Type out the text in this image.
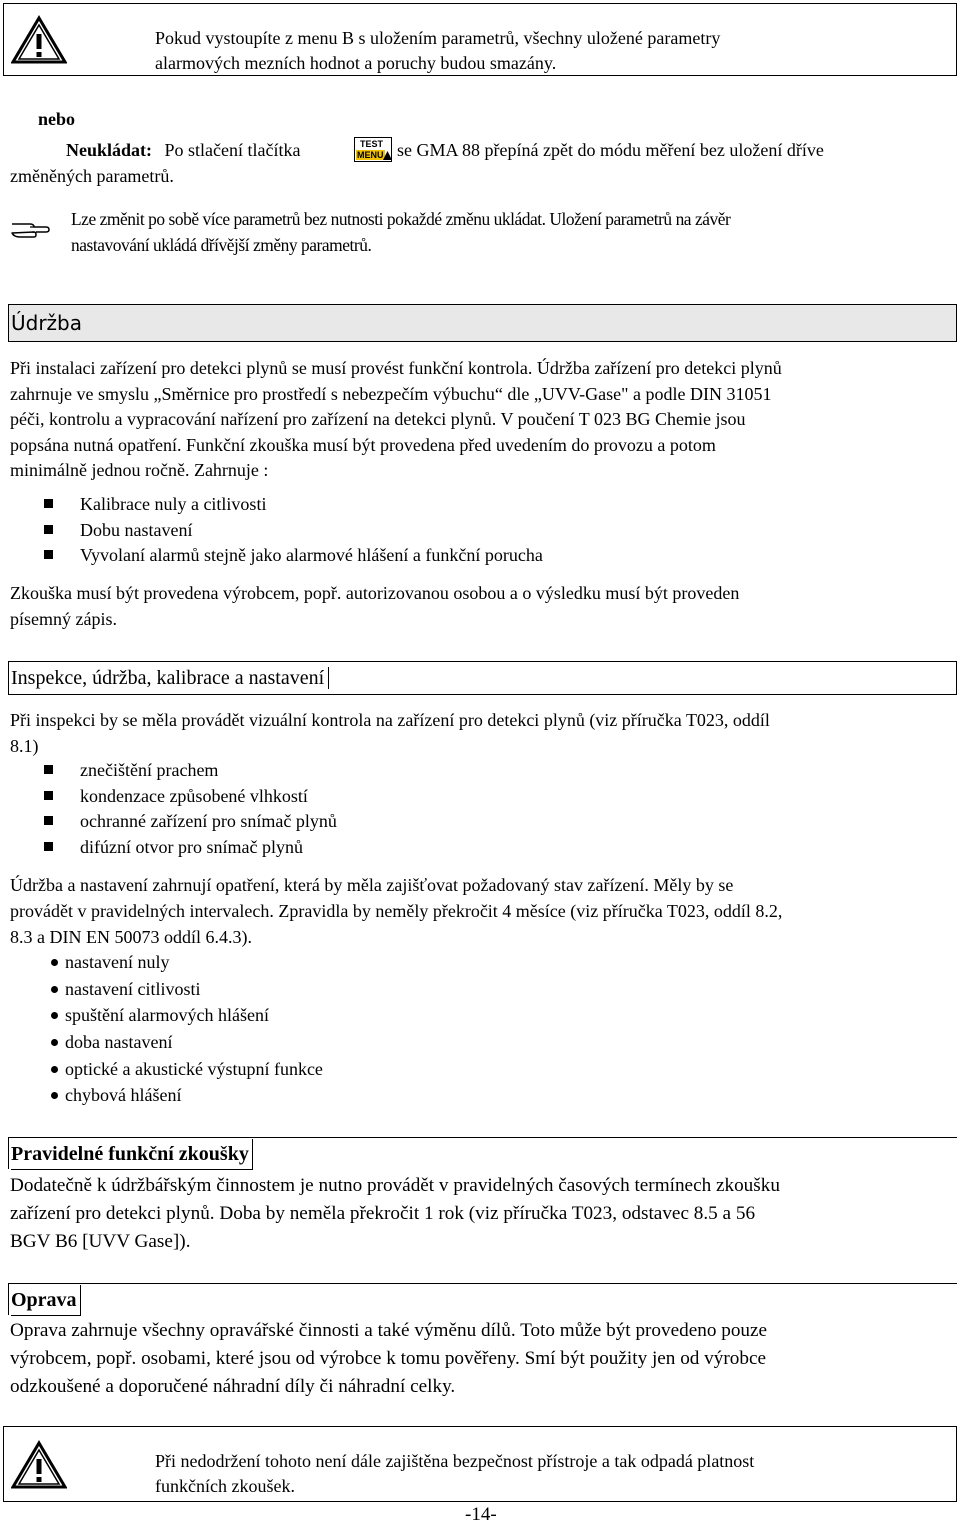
Pokud vystoupíte z menu B s uložením parametrů, všechny uložené parametry
alarmových mezních hodnot a poruchy budou smazány.
nebo
Neukládat: Po stlačení tlačítka	TEST
MENU se GMA 88 přepíná zpět do módu měření bez uložení dříve
změněných parametrů.
Lze změnit po sobě více parametrů bez nutnosti pokaždé změnu ukládat. Uložení parametrů na závěr
nastavování ukládá dřívější změny parametrů.
Údržba
Při instalaci zařízení pro detekci plynů se musí provést funkční kontrola. Údržba zařízení pro detekci plynů
zahrnuje ve smyslu „Směrnice pro prostředí s nebezpečím výbuchu“ dle „UVV-Gase" a podle DIN 31051
péči, kontrolu a vypracování nařízení pro zařízení na detekci plynů. V poučení T 023 BG Chemie jsou
popsána nutná opatření. Funkční zkouška musí být provedena před uvedením do provozu a potom
minimálně jednou ročně. Zahrnuje :
Kalibrace nuly a citlivosti
Dobu nastavení
Vyvolaní alarmů stejně jako alarmové hlášení a funkční porucha
Zkouška musí být provedena výrobcem, popř. autorizovanou osobou a o výsledku musí být proveden
písemný zápis.
Inspekce, údržba, kalibrace a nastavení
Při inspekci by se měla provádět vizuální kontrola na zařízení pro detekci plynů (viz příručka T023, oddíl
8.1)
znečištění prachem
kondenzace způsobené vlhkostí
ochranné zařízení pro snímač plynů
difúzní otvor pro snímač plynů
Údržba a nastavení zahrnují opatření, která by měla zajišťovat požadovaný stav zařízení. Měly by se
provádět v pravidelných intervalech. Zpravidla by neměly překročit 4 měsíce (viz příručka T023, oddíl 8.2,
8.3 a DIN EN 50073 oddíl 6.4.3).
nastavení nuly
nastavení citlivosti
spuštění alarmových hlášení
doba nastavení
optické a akustické výstupní funkce
chybová hlášení
Pravidelné funkční zkoušky
Dodatečně k údržbářským činnostem je nutno provádět v pravidelných časových termínech zkoušku
zařízení pro detekci plynů. Doba by neměla překročit 1 rok (viz příručka T023, odstavec 8.5 a 56
BGV B6 [UVV Gase]).
Oprava
Oprava zahrnuje všechny opravářské činnosti a také výměnu dílů. Toto může být provedeno pouze
výrobcem, popř. osobami, které jsou od výrobce k tomu pověřeny. Smí být použity jen od výrobce
odzkoušené a doporučené náhradní díly či náhradní celky.
Při nedodržení tohoto není dále zajištěna bezpečnost přístroje a tak odpadá platnost
funkčních zkoušek.
-14-
